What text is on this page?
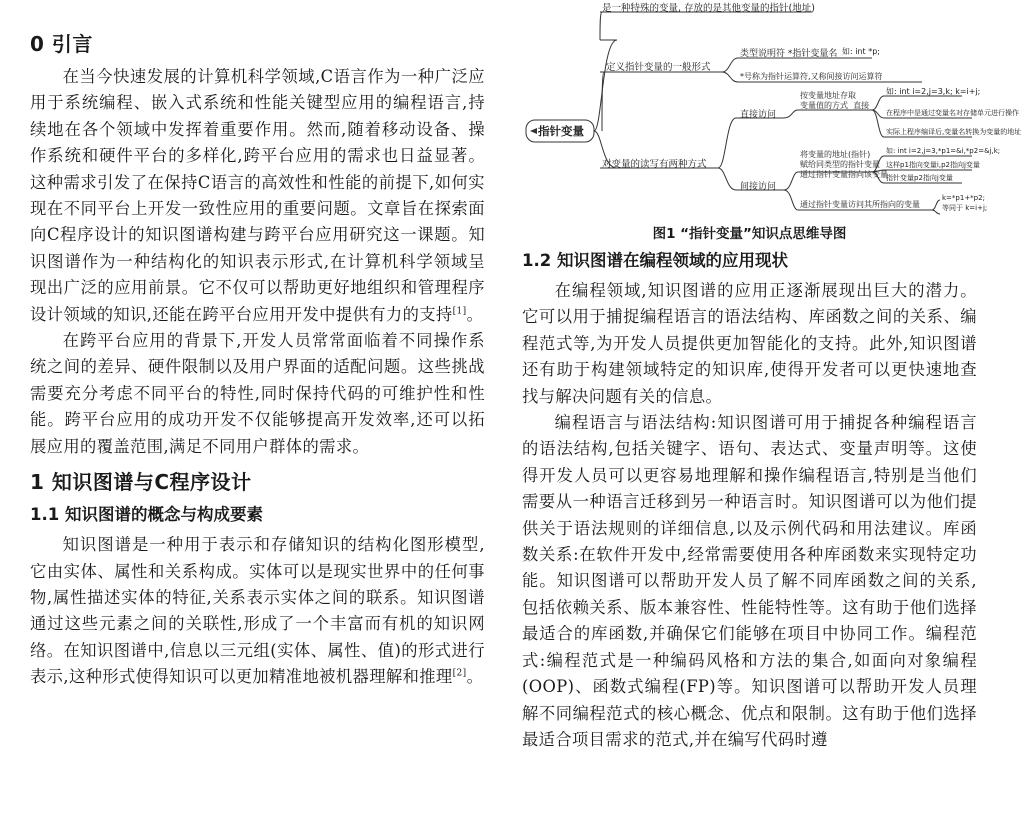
0 引言

在当今快速发展的计算机科学领域,C语言作为一种广泛应用于系统编程、嵌入式系统和性能关键型应用的编程语言,持续地在各个领域中发挥着重要作用。然而,随着移动设备、操作系统和硬件平台的多样化,跨平台应用的需求也日益显著。这种需求引发了在保持C语言的高效性和性能的前提下,如何实现在不同平台上开发一致性应用的重要问题。文章旨在探索面向C程序设计的知识图谱构建与跨平台应用研究这一课题。知识图谱作为一种结构化的知识表示形式,在计算机科学领域呈现出广泛的应用前景。它不仅可以帮助更好地组织和管理程序设计领域的知识,还能在跨平台应用开发中提供有力的支持[1]。

在跨平台应用的背景下,开发人员常常面临着不同操作系统之间的差异、硬件限制以及用户界面的适配问题。这些挑战需要充分考虑不同平台的特性,同时保持代码的可维护性和性能。跨平台应用的成功开发不仅能够提高开发效率,还可以拓展应用的覆盖范围,满足不同用户群体的需求。

1 知识图谱与C程序设计
1.1 知识图谱的概念与构成要素

知识图谱是一种用于表示和存储知识的结构化图形模型,它由实体、属性和关系构成。实体可以是现实世界中的任何事物,属性描述实体的特征,关系表示实体之间的联系。知识图谱通过这些元素之间的关联性,形成了一个丰富而有机的知识网络。在知识图谱中,信息以三元组(实体、属性、值)的形式进行表示,这种形式使得知识可以更加精准地被机器理解和推理[2]。

指针变量
是一种特殊的变量, 存放的是其他变量的指针(地址)
定义指针变量的一般形式
类型说明符 *指针变量名 如: int *p;
*号称为指针运算符,又称间接访问运算符
对变量的读写有两种方式
直接访问
按变量地址存取
变量值的方式  直接
如: int i=2,j=3,k; k=i+j;
在程序中是通过变量名对存储单元进行操作
实际上程序编译后,变量名转换为变量的地址
间接访问
将变量的地址(指针)
赋给同类型的指针变量
通过指针变量指向该变量
如: int i=2,j=3,*p1=&i,*p2=&j,k;
这样p1指向变量i,p2指向j变量
指针变量p2指向j变量
通过指针变量访问其所指向的变量
k=*p1+*p2;
等同于 k=i+j;
图1 “指针变量”知识点思维导图
1.2 知识图谱在编程领域的应用现状

在编程领域,知识图谱的应用正逐渐展现出巨大的潜力。它可以用于捕捉编程语言的语法结构、库函数之间的关系、编程范式等,为开发人员提供更加智能化的支持。此外,知识图谱还有助于构建领域特定的知识库,使得开发者可以更快速地查找与解决问题有关的信息。

编程语言与语法结构:知识图谱可用于捕捉各种编程语言的语法结构,包括关键字、语句、表达式、变量声明等。这使得开发人员可以更容易地理解和操作编程语言,特别是当他们需要从一种语言迁移到另一种语言时。知识图谱可以为他们提供关于语法规则的详细信息,以及示例代码和用法建议。库函数关系:在软件开发中,经常需要使用各种库函数来实现特定功能。知识图谱可以帮助开发人员了解不同库函数之间的关系,包括依赖关系、版本兼容性、性能特性等。这有助于他们选择最适合的库函数,并确保它们能够在项目中协同工作。编程范式:编程范式是一种编码风格和方法的集合,如面向对象编程(OOP)、函数式编程(FP)等。知识图谱可以帮助开发人员理解不同编程范式的核心概念、优点和限制。这有助于他们选择最适合项目需求的范式,并在编写代码时遵
